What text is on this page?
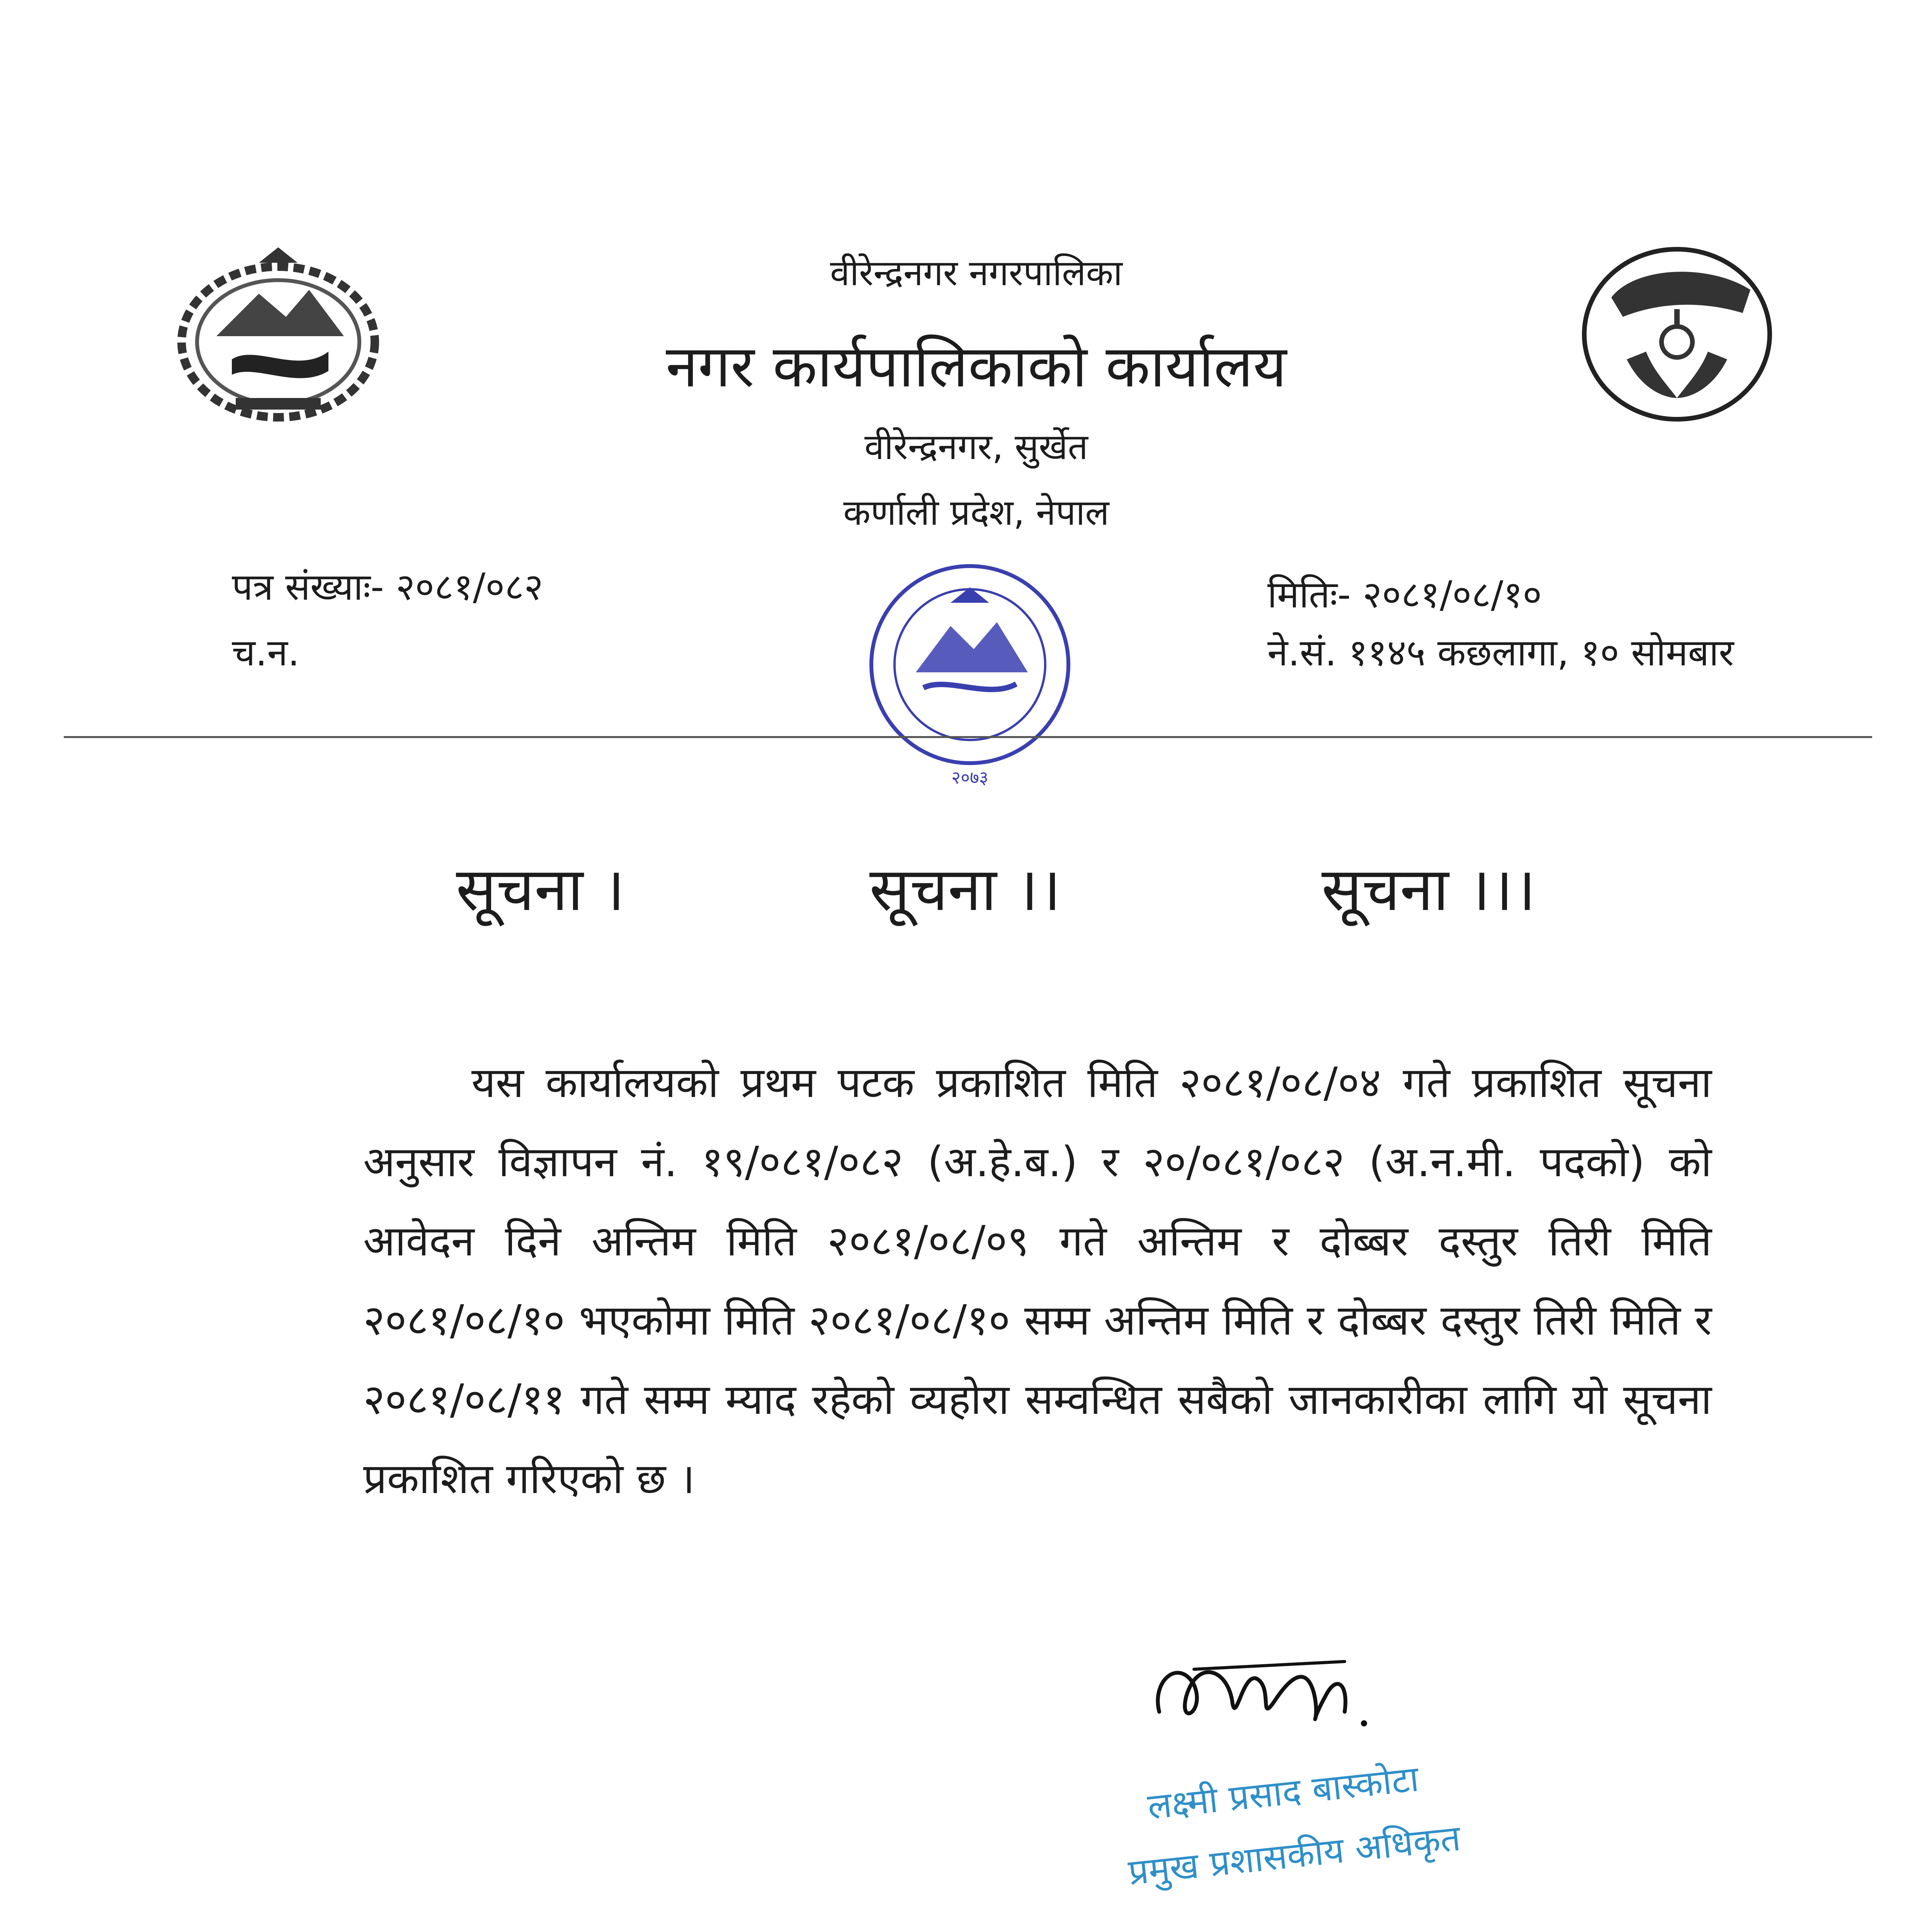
वीरेन्द्रनगर नगरपालिका
नगर कार्यपालिकाको कार्यालय
वीरेन्द्रनगर, सुर्खेत
कर्णाली प्रदेश, नेपाल
पत्र संख्याः- २०८१/०८२
च.न.
मितिः- २०८१/०८/१०
ने.सं. ११४५ कछलागा, १० सोमबार
२०७३
सूचना ।	सूचना ।।	सूचना ।।।
यस कार्यालयको प्रथम पटक प्रकाशित मिति २०८१/०८/०४ गते प्रकाशित सूचना अनुसार विज्ञापन नं. १९/०८१/०८२ (अ.हे.ब.) र २०/०८१/०८२ (अ.न.मी. पदको) को आवेदन दिने अन्तिम मिति २०८१/०८/०९ गते अन्तिम र दोब्बर दस्तुर तिरी मिति २०८१/०८/१० भएकोमा मिति २०८१/०८/१० सम्म अन्तिम मिति र दोब्बर दस्तुर तिरी मिति र २०८१/०८/११ गते सम्म म्याद रहेको व्यहोरा सम्वन्धित सबैको जानकारीका लागि यो सूचना प्रकाशित गरिएको छ ।
लक्ष्मी प्रसाद बास्कोटा
प्रमुख प्रशासकीय अधिकृत
